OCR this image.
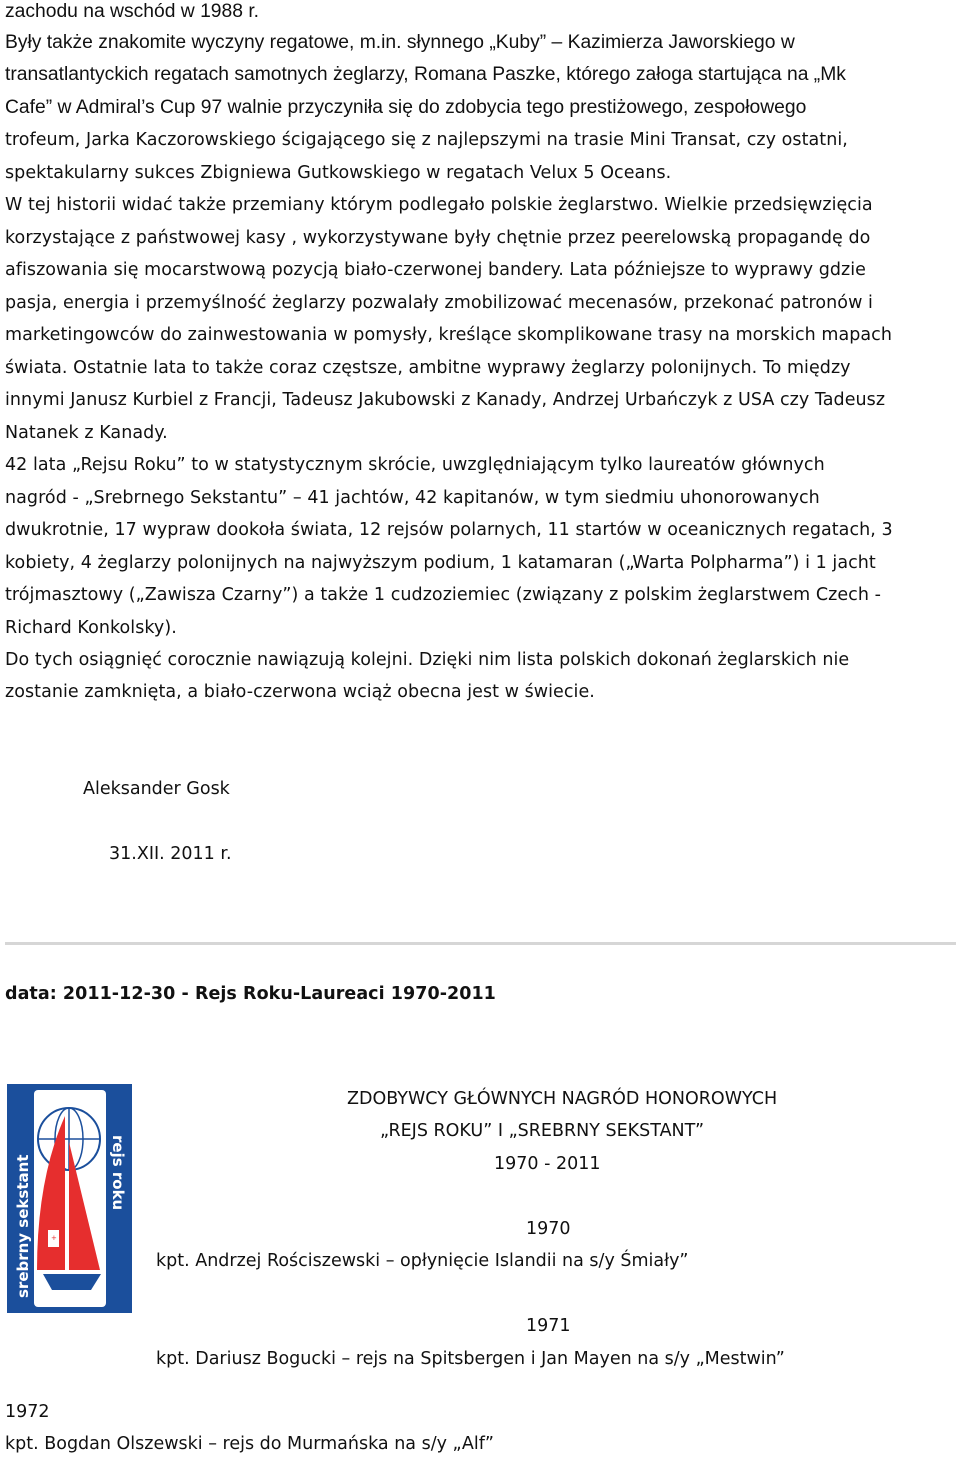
zachodu na wschód w 1988 r.
Były także znakomite wyczyny regatowe, m.in. słynnego „Kuby” – Kazimierza Jaworskiego w
transatlantyckich regatach samotnych żeglarzy, Romana Paszke, którego załoga startująca na „Mk
Cafe” w Admiral’s Cup 97 walnie przyczyniła się do zdobycia tego prestiżowego, zespołowego
trofeum, Jarka Kaczorowskiego ścigającego się z najlepszymi na trasie Mini Transat, czy ostatni,
spektakularny sukces Zbigniewa Gutkowskiego w regatach Velux 5 Oceans.
W tej historii widać także przemiany którym podlegało polskie żeglarstwo. Wielkie przedsięwzięcia
korzystające z państwowej kasy , wykorzystywane były chętnie przez peerelowską propagandę do
afiszowania się mocarstwową pozycją biało-czerwonej bandery. Lata późniejsze to wyprawy gdzie
pasja, energia i przemyślność żeglarzy pozwalały zmobilizować mecenasów, przekonać patronów i
marketingowców do zainwestowania w pomysły, kreślące skomplikowane trasy na morskich mapach
świata. Ostatnie lata to także coraz częstsze, ambitne wyprawy żeglarzy polonijnych. To między
innymi Janusz Kurbiel z Francji, Tadeusz Jakubowski z Kanady, Andrzej Urbańczyk z USA czy Tadeusz
Natanek z Kanady.
42 lata „Rejsu Roku” to w statystycznym skrócie, uwzględniającym tylko laureatów głównych
nagród - „Srebrnego Sekstantu” – 41 jachtów, 42 kapitanów, w tym siedmiu uhonorowanych
dwukrotnie, 17 wypraw dookoła świata, 12 rejsów polarnych, 11 startów w oceanicznych regatach, 3
kobiety, 4 żeglarzy polonijnych na najwyższym podium, 1 katamaran („Warta Polpharma”) i 1 jacht
trójmasztowy („Zawisza Czarny”) a także 1 cudzoziemiec (związany z polskim żeglarstwem Czech -
Richard Konkolsky).
Do tych osiągnięć corocznie nawiązują kolejni. Dzięki nim lista polskich dokonań żeglarskich nie
zostanie zamknięta, a biało-czerwona wciąż obecna jest w świecie.
Aleksander Gosk
31.XII. 2011 r.
data: 2011-12-30 - Rejs Roku-Laureaci 1970-2011
+
srebrny sekstant	rejs roku
ZDOBYWCY GŁÓWNYCH NAGRÓD HONOROWYCH
„REJS ROKU” I „SREBRNY SEKSTANT”
1970 - 2011
1970
kpt. Andrzej Rościszewski – opłynięcie Islandii na s/y Śmiały”
1971
kpt. Dariusz Bogucki – rejs na Spitsbergen i Jan Mayen na s/y „Mestwin”
1972
kpt. Bogdan Olszewski – rejs do Murmańska na s/y „Alf”
